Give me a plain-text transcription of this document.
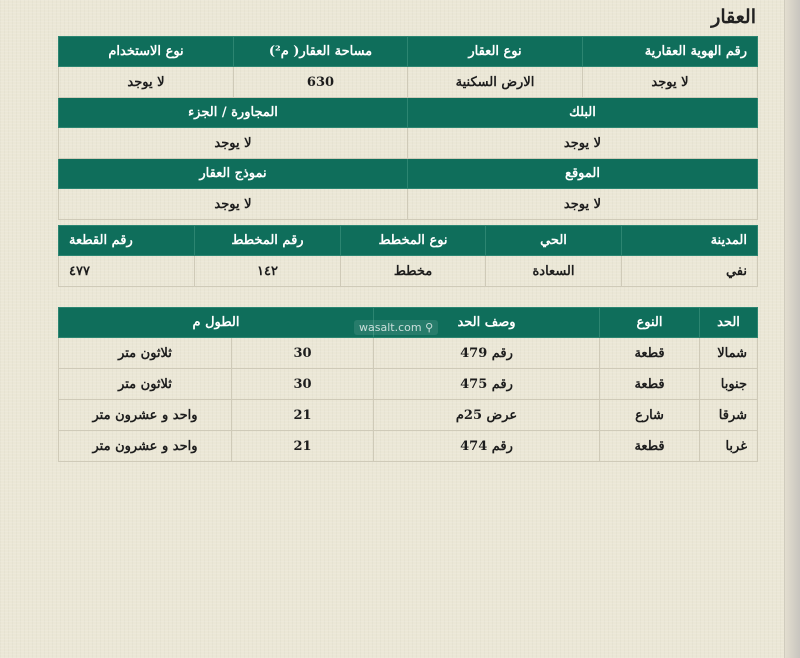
العقار
رقم الهوية العقارية	نوع العقار	مساحة العقار( م²)	نوع الاستخدام
لا يوجد	الارض السكنية	630	لا يوجد
البلك		المجاورة / الجزء	
لا يوجد		لا يوجد	
الموقع		نموذج العقار	
لا يوجد		لا يوجد	
المدينة	الحي	نوع المخطط	رقم المخطط	رقم القطعة
نفي	السعادة	مخطط	١٤٢	٤٧٧
الحد	النوع	وصف الحد	الطول م	
شمالا	قطعة	رقم 479	30	ثلاثون متر
جنوبا	قطعة	رقم 475	30	ثلاثون متر
شرقا	شارع	عرض 25م	21	واحد و عشرون متر
غربا	قطعة	رقم 474	21	واحد و عشرون متر
wasalt.com ⚲
